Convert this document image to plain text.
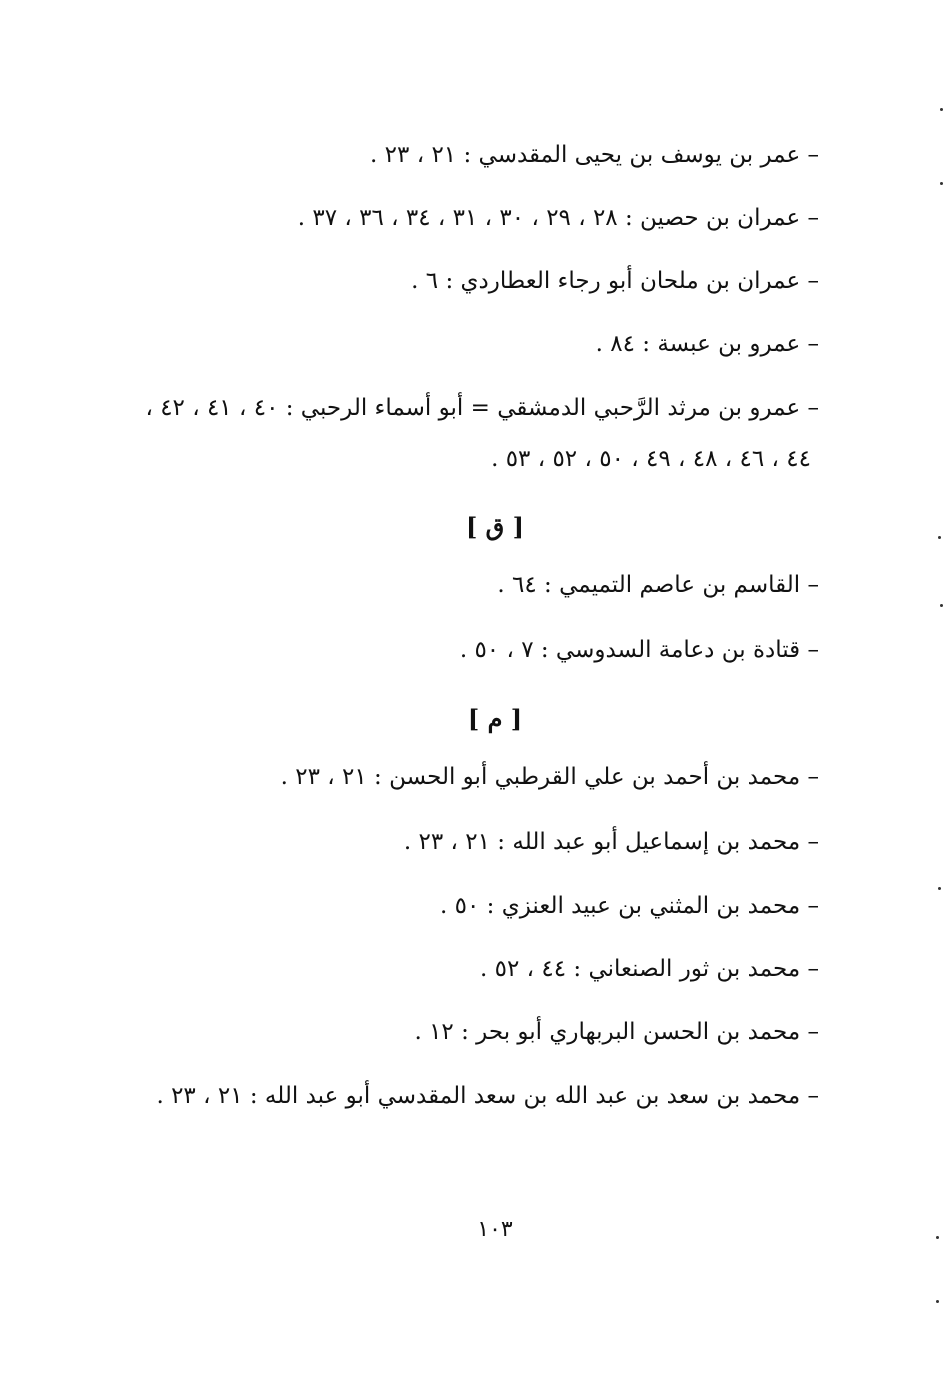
– عمر بن يوسف بن يحيى المقدسي : ٢١ ، ٢٣ .
– عمران بن حصين : ٢٨ ، ٢٩ ، ٣٠ ، ٣١ ، ٣٤ ، ٣٦ ، ٣٧ .
– عمران بن ملحان أبو رجاء العطاردي : ٦ .
– عمرو بن عبسة : ٨٤ .
– عمرو بن مرثد الرَّحبي الدمشقي = أبو أسماء الرحبي : ٤٠ ، ٤١ ، ٤٢ ،
٤٤ ، ٤٦ ، ٤٨ ، ٤٩ ، ٥٠ ، ٥٢ ، ٥٣ .
[ ق ]
– القاسم بن عاصم التميمي : ٦٤ .
– قتادة بن دعامة السدوسي : ٧ ، ٥٠ .
[ م ]
– محمد بن أحمد بن علي القرطبي أبو الحسن : ٢١ ، ٢٣ .
– محمد بن إسماعيل أبو عبد الله : ٢١ ، ٢٣ .
– محمد بن المثني بن عبيد العنزي : ٥٠ .
– محمد بن ثور الصنعاني : ٤٤ ، ٥٢ .
– محمد بن الحسن البربهاري أبو بحر : ١٢ .
– محمد بن سعد بن عبد الله بن سعد المقدسي أبو عبد الله : ٢١ ، ٢٣ .
١٠٣
